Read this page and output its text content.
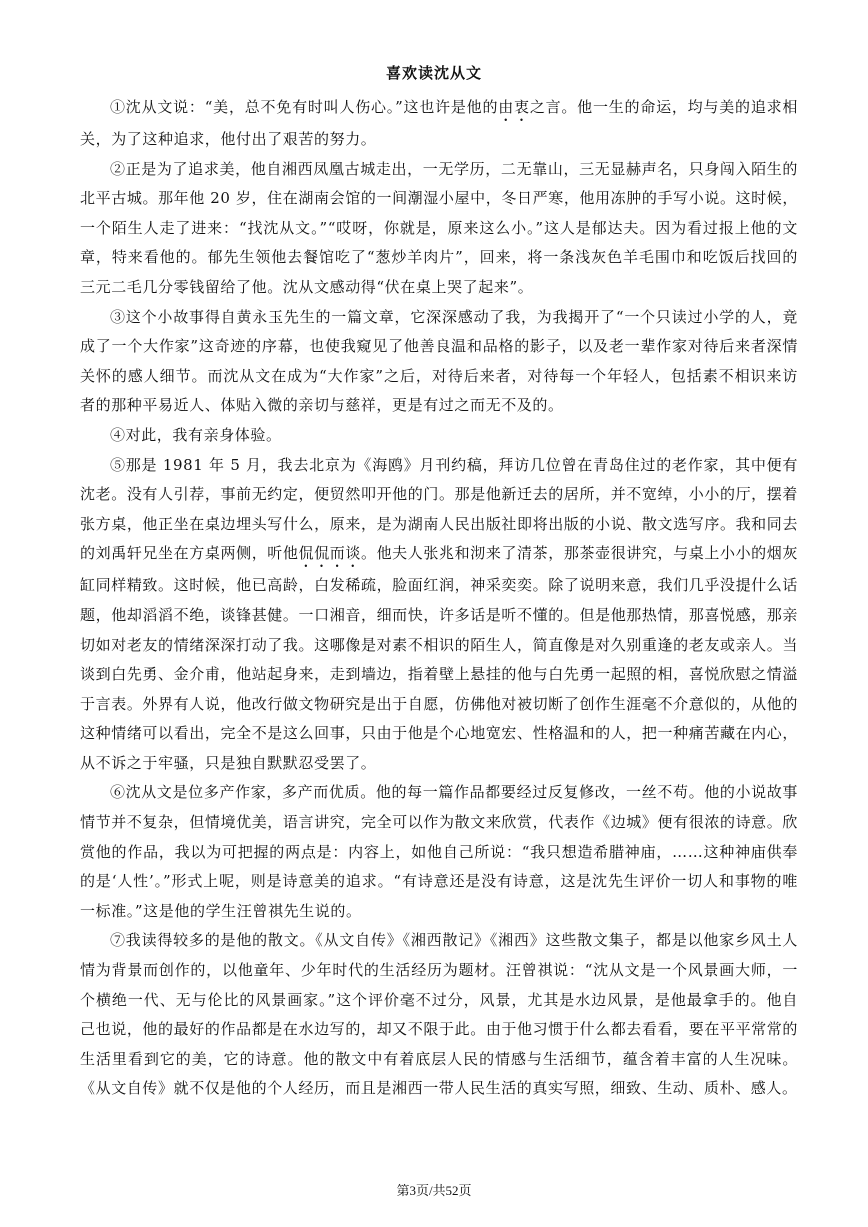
喜欢读沈从文

①沈从文说：“美，总不免有时叫人伤心。”这也许是他的由衷之言。他一生的命运，均与美的追求相关，为了这种追求，他付出了艰苦的努力。

②正是为了追求美，他自湘西凤凰古城走出，一无学历，二无靠山，三无显赫声名，只身闯入陌生的北平古城。那年他 20 岁，住在湖南会馆的一间潮湿小屋中，冬日严寒，他用冻肿的手写小说。这时候，一个陌生人走了进来：“找沈从文。”“哎呀，你就是，原来这么小。”这人是郁达夫。因为看过报上他的文章，特来看他的。郁先生领他去餐馆吃了“葱炒羊肉片”，回来，将一条浅灰色羊毛围巾和吃饭后找回的三元二毛几分零钱留给了他。沈从文感动得“伏在桌上哭了起来”。

③这个小故事得自黄永玉先生的一篇文章，它深深感动了我，为我揭开了“一个只读过小学的人，竟成了一个大作家”这奇迹的序幕，也使我窥见了他善良温和品格的影子，以及老一辈作家对待后来者深情关怀的感人细节。而沈从文在成为“大作家”之后，对待后来者，对待每一个年轻人，包括素不相识来访者的那种平易近人、体贴入微的亲切与慈祥，更是有过之而无不及的。

④对此，我有亲身体验。

⑤那是 1981 年 5 月，我去北京为《海鸥》月刊约稿，拜访几位曾在青岛住过的老作家，其中便有沈老。没有人引荐，事前无约定，便贸然叩开他的门。那是他新迁去的居所，并不宽绰，小小的厅，摆着张方桌，他正坐在桌边埋头写什么，原来，是为湖南人民出版社即将出版的小说、散文选写序。我和同去的刘禹轩兄坐在方桌两侧，听他侃侃而谈。他夫人张兆和沏来了清茶，那茶壶很讲究，与桌上小小的烟灰缸同样精致。这时候，他已高龄，白发稀疏，脸面红润，神采奕奕。除了说明来意，我们几乎没提什么话题，他却滔滔不绝，谈锋甚健。一口湘音，细而快，许多话是听不懂的。但是他那热情，那喜悦感，那亲切如对老友的情绪深深打动了我。这哪像是对素不相识的陌生人，简直像是对久别重逢的老友或亲人。当谈到白先勇、金介甫，他站起身来，走到墙边，指着壁上悬挂的他与白先勇一起照的相，喜悦欣慰之情溢于言表。外界有人说，他改行做文物研究是出于自愿，仿佛他对被切断了创作生涯毫不介意似的，从他的这种情绪可以看出，完全不是这么回事，只由于他是个心地宽宏、性格温和的人，把一种痛苦藏在内心，从不诉之于牢骚，只是独自默默忍受罢了。

⑥沈从文是位多产作家，多产而优质。他的每一篇作品都要经过反复修改，一丝不苟。他的小说故事情节并不复杂，但情境优美，语言讲究，完全可以作为散文来欣赏，代表作《边城》便有很浓的诗意。欣赏他的作品，我以为可把握的两点是：内容上，如他自己所说：“我只想造希腊神庙，……这种神庙供奉的是‘人性’。”形式上呢，则是诗意美的追求。“有诗意还是没有诗意，这是沈先生评价一切人和事物的唯一标准。”这是他的学生汪曾祺先生说的。

⑦我读得较多的是他的散文。《从文自传》《湘西散记》《湘西》这些散文集子，都是以他家乡风土人情为背景而创作的，以他童年、少年时代的生活经历为题材。汪曾祺说：“沈从文是一个风景画大师，一个横绝一代、无与伦比的风景画家。”这个评价毫不过分，风景，尤其是水边风景，是他最拿手的。他自己也说，他的最好的作品都是在水边写的，却又不限于此。由于他习惯于什么都去看看，要在平平常常的生活里看到它的美，它的诗意。他的散文中有着底层人民的情感与生活细节，蕴含着丰富的人生况味。《从文自传》就不仅是他的个人经历，而且是湘西一带人民生活的真实写照，细致、生动、质朴、感人。

第3页/共52页
